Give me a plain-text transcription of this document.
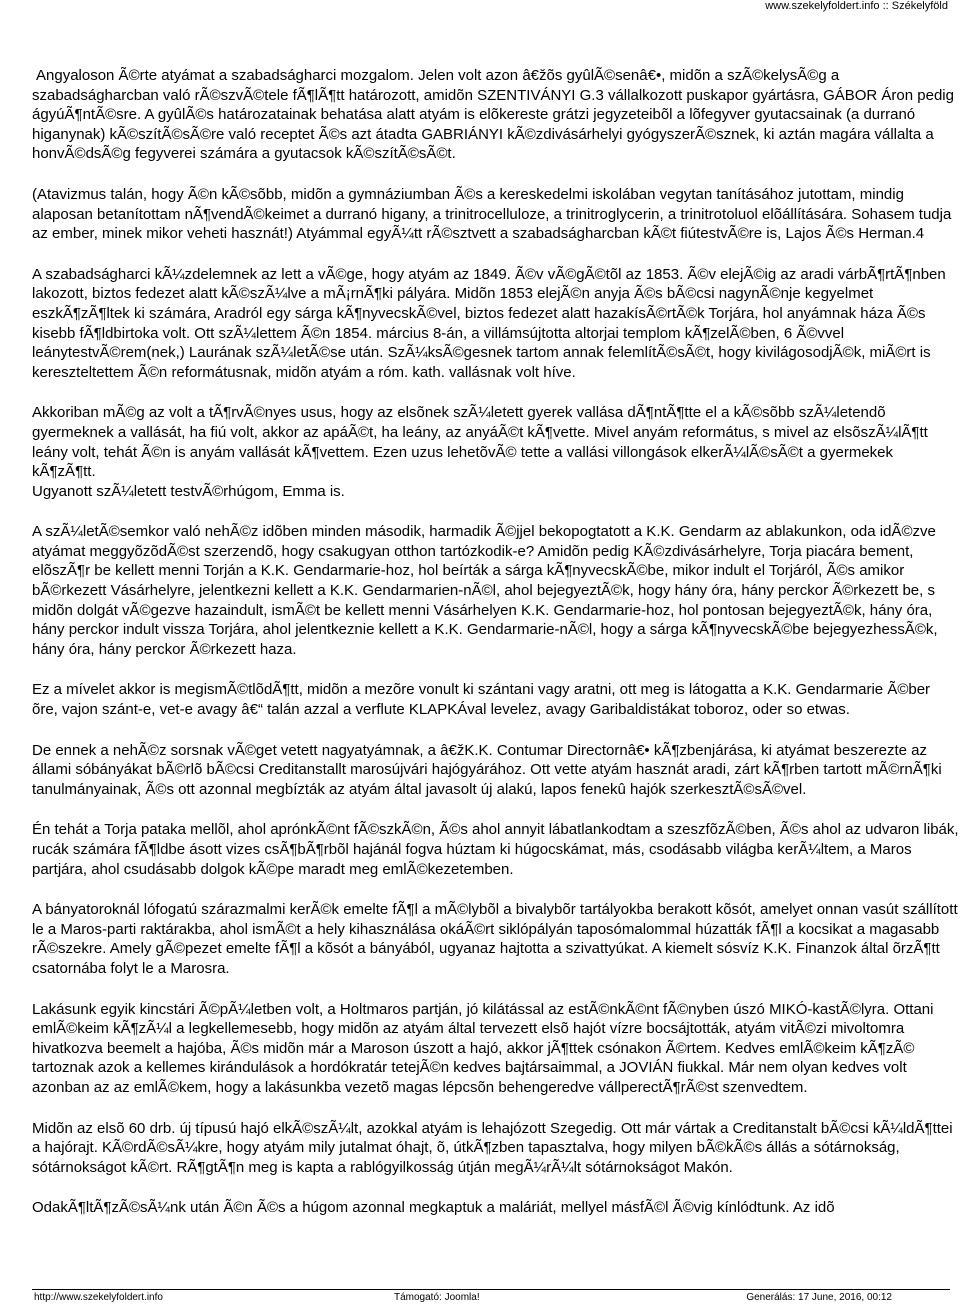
www.szekelyfoldert.info :: Székelyföld

Angyaloson Ã©rte atyámat a szabadságharci mozgalom. Jelen volt azon â€žõs gyûlÃ©senâ€•, midõn a szÃ©kelysÃ©g a szabadságharcban való rÃ©szvÃ©tele fÃ¶lÃ¶tt határozott, amidõn SZENTIVÁNYI G.3 vállalkozott puskapor gyártásra, GÁBOR Áron pedig ágyúÃ¶ntÃ©sre. A gyûlÃ©s határozatainak behatása alatt atyám is elõkereste grátzi jegyzeteibõl a lõfegyver gyutacsainak (a durranó higanynak) kÃ©szítÃ©sÃ©re való receptet Ã©s azt átadta GABRIÁNYI kÃ©zdivásárhelyi gyógyszerÃ©sznek, ki aztán magára vállalta a honvÃ©dsÃ©g fegyverei számára a gyutacsok kÃ©szítÃ©sÃ©t.

(Atavizmus talán, hogy Ã©n kÃ©sõbb, midõn a gymnáziumban Ã©s a kereskedelmi iskolában vegytan tanításához jutottam, mindig alaposan betanítottam nÃ¶vendÃ©keimet a durranó higany, a trinitrocelluloze, a trinitroglycerin, a trinitrotoluol elõállítására. Sohasem tudja az ember, minek mikor veheti hasznát!) Atyámmal egyÃ¼tt rÃ©sztvett a szabadságharcban kÃ©t fiútestvÃ©re is, Lajos Ã©s Herman.4

A szabadságharci kÃ¼zdelemnek az lett a vÃ©ge, hogy atyám az 1849. Ã©v vÃ©gÃ©tõl az 1853. Ã©v elejÃ©ig az aradi várbÃ¶rtÃ¶nben lakozott, biztos fedezet alatt kÃ©szÃ¼lve a mÃ¡rnÃ¶ki pályára. Midõn 1853 elejÃ©n anyja Ã©s bÃ©csi nagynÃ©nje kegyelmet eszkÃ¶zÃ¶ltek ki számára, Aradról egy sárga kÃ¶nyvecskÃ©vel, biztos fedezet alatt hazakísÃ©rtÃ©k Torjára, hol anyámnak háza Ã©s kisebb fÃ¶ldbirtoka volt. Ott szÃ¼lettem Ã©n 1854. március 8-án, a villámsújtotta altorjai templom kÃ¶zelÃ©ben, 6 Ã©vvel leánytestvÃ©rem(nek,) Laurának szÃ¼letÃ©se után. SzÃ¼ksÃ©gesnek tartom annak felemlítÃ©sÃ©t, hogy kivilágosodjÃ©k, miÃ©rt is kereszteltettem Ã©n reformátusnak, midõn atyám a róm. kath. vallásnak volt híve.

Akkoriban mÃ©g az volt a tÃ¶rvÃ©nyes usus, hogy az elsõnek szÃ¼letett gyerek vallása dÃ¶ntÃ¶tte el a kÃ©sõbb szÃ¼letendõ gyermeknek a vallását, ha fiú volt, akkor az apáÃ©t, ha leány, az anyáÃ©t kÃ¶vette. Mivel anyám református, s mivel az elsõszÃ¼lÃ¶tt leány volt, tehát Ã©n is anyám vallását kÃ¶vettem. Ezen uzus lehetõvÃ© tette a vallási villongások elkerÃ¼lÃ©sÃ©t a gyermekek kÃ¶zÃ¶tt.
Ugyanott szÃ¼letett testvÃ©rhúgom, Emma is.

A szÃ¼letÃ©semkor való nehÃ©z idõben minden második, harmadik Ã©jjel bekopogtatott a K.K. Gendarm az ablakunkon, oda idÃ©zve atyámat meggyõzõdÃ©st szerzendõ, hogy csakugyan otthon tartózkodik-e? Amidõn pedig KÃ©zdivásárhelyre, Torja piacára bement, elõszÃ¶r be kellett menni Torján a K.K. Gendarmarie-hoz, hol beírták a sárga kÃ¶nyvecskÃ©be, mikor indult el Torjáról, Ã©s amikor bÃ©rkezett Vásárhelyre, jelentkezni kellett a K.K. Gendarmarien-nÃ©l, ahol bejegyeztÃ©k, hogy hány óra, hány perckor Ã©rkezett be, s midõn dolgát vÃ©gezve hazaindult, ismÃ©t be kellett menni Vásárhelyen K.K. Gendarmarie-hoz, hol pontosan bejegyeztÃ©k, hány óra, hány perckor indult vissza Torjára, ahol jelentkeznie kellett a K.K. Gendarmarie-nÃ©l, hogy a sárga kÃ¶nyvecskÃ©be bejegyezhessÃ©k, hány óra, hány perckor Ã©rkezett haza.

Ez a mívelet akkor is megismÃ©tlõdÃ¶tt, midõn a mezõre vonult ki szántani vagy aratni, ott meg is látogatta a K.K. Gendarmarie Ã©ber õre, vajon szánt-e, vet-e avagy â€“ talán azzal a verflute KLAPKÁval levelez, avagy Garibaldistákat toboroz, oder so etwas.

De ennek a nehÃ©z sorsnak vÃ©get vetett nagyatyámnak, a â€žK.K. Contumar Directornâ€• kÃ¶zbenjárása, ki atyámat beszerezte az állami sóbányákat bÃ©rlõ bÃ©csi Creditanstallt marosújvári hajógyárához. Ott vette atyám hasznát aradi, zárt kÃ¶rben tartott mÃ©rnÃ¶ki tanulmányainak, Ã©s ott azonnal megbízták az atyám által javasolt új alakú, lapos fenekû hajók szerkesztÃ©sÃ©vel.

Én tehát a Torja pataka mellõl, ahol aprónkÃ©nt fÃ©szkÃ©n, Ã©s ahol annyit lábatlankodtam a szeszfõzÃ©ben, Ã©s ahol az udvaron libák, rucák számára fÃ¶ldbe ásott vizes csÃ¶bÃ¶rbõl hajánál fogva húztam ki húgocskámat, más, csodásabb világba kerÃ¼ltem, a Maros partjára, ahol csudásabb dolgok kÃ©pe maradt meg emlÃ©kezetemben.

A bányatoroknál lófogatú szárazmalmi kerÃ©k emelte fÃ¶l a mÃ©lybõl a bivalybõr tartályokba berakott kõsót, amelyet onnan vasút szállított le a Maros-parti raktárakba, ahol ismÃ©t a hely kihasználása okáÃ©rt siklópályán taposómalommal húzatták fÃ¶l a kocsikat a magasabb rÃ©szekre. Amely gÃ©pezet emelte fÃ¶l a kõsót a bányából, ugyanaz hajtotta a szivattyúkat. A kiemelt sósvíz K.K. Finanzok által õrzÃ¶tt csatornába folyt le a Marosra.

Lakásunk egyik kincstári Ã©pÃ¼letben volt, a Holtmaros partján, jó kilátással az estÃ©nkÃ©nt fÃ©nyben úszó MIKÓ-kastÃ©lyra. Ottani emlÃ©keim kÃ¶zÃ¼l a legkellemesebb, hogy midõn az atyám által tervezett elsõ hajót vízre bocsájtották, atyám vitÃ©zi mivoltomra hivatkozva beemelt a hajóba, Ã©s midõn már a Maroson úszott a hajó, akkor jÃ¶ttek csónakon Ã©rtem. Kedves emlÃ©keim kÃ¶zÃ© tartoznak azok a kellemes kirándulások a hordókratár tetejÃ©n kedves bajtársaimmal, a JOVIÁN fiukkal. Már nem olyan kedves volt azonban az az emlÃ©kem, hogy a lakásunkba vezetõ magas lépcsõn behengeredve vállperectÃ¶rÃ©st szenvedtem.

Midõn az elsõ 60 drb. új típusú hajó elkÃ©szÃ¼lt, azokkal atyám is lehajózott Szegedig. Ott már vártak a Creditanstalt bÃ©csi kÃ¼ldÃ¶ttei a hajórajt. KÃ©rdÃ©sÃ¼kre, hogy atyám mily jutalmat óhajt, õ, útkÃ¶zben tapasztalva, hogy milyen bÃ©kÃ©s állás a sótárnokság, sótárnokságot kÃ©rt. RÃ¶gtÃ¶n meg is kapta a rablógyilkosság útján megÃ¼rÃ¼lt sótárnokságot Makón.

OdakÃ¶ltÃ¶zÃ©sÃ¼nk után Ã©n Ã©s a húgom azonnal megkaptuk a maláriát, mellyel másfÃ©l Ã©vig kínlódtunk. Az idõ

http://www.szekelyfoldert.info	Támogató: Joomla!	Generálás: 17 June, 2016, 00:12
